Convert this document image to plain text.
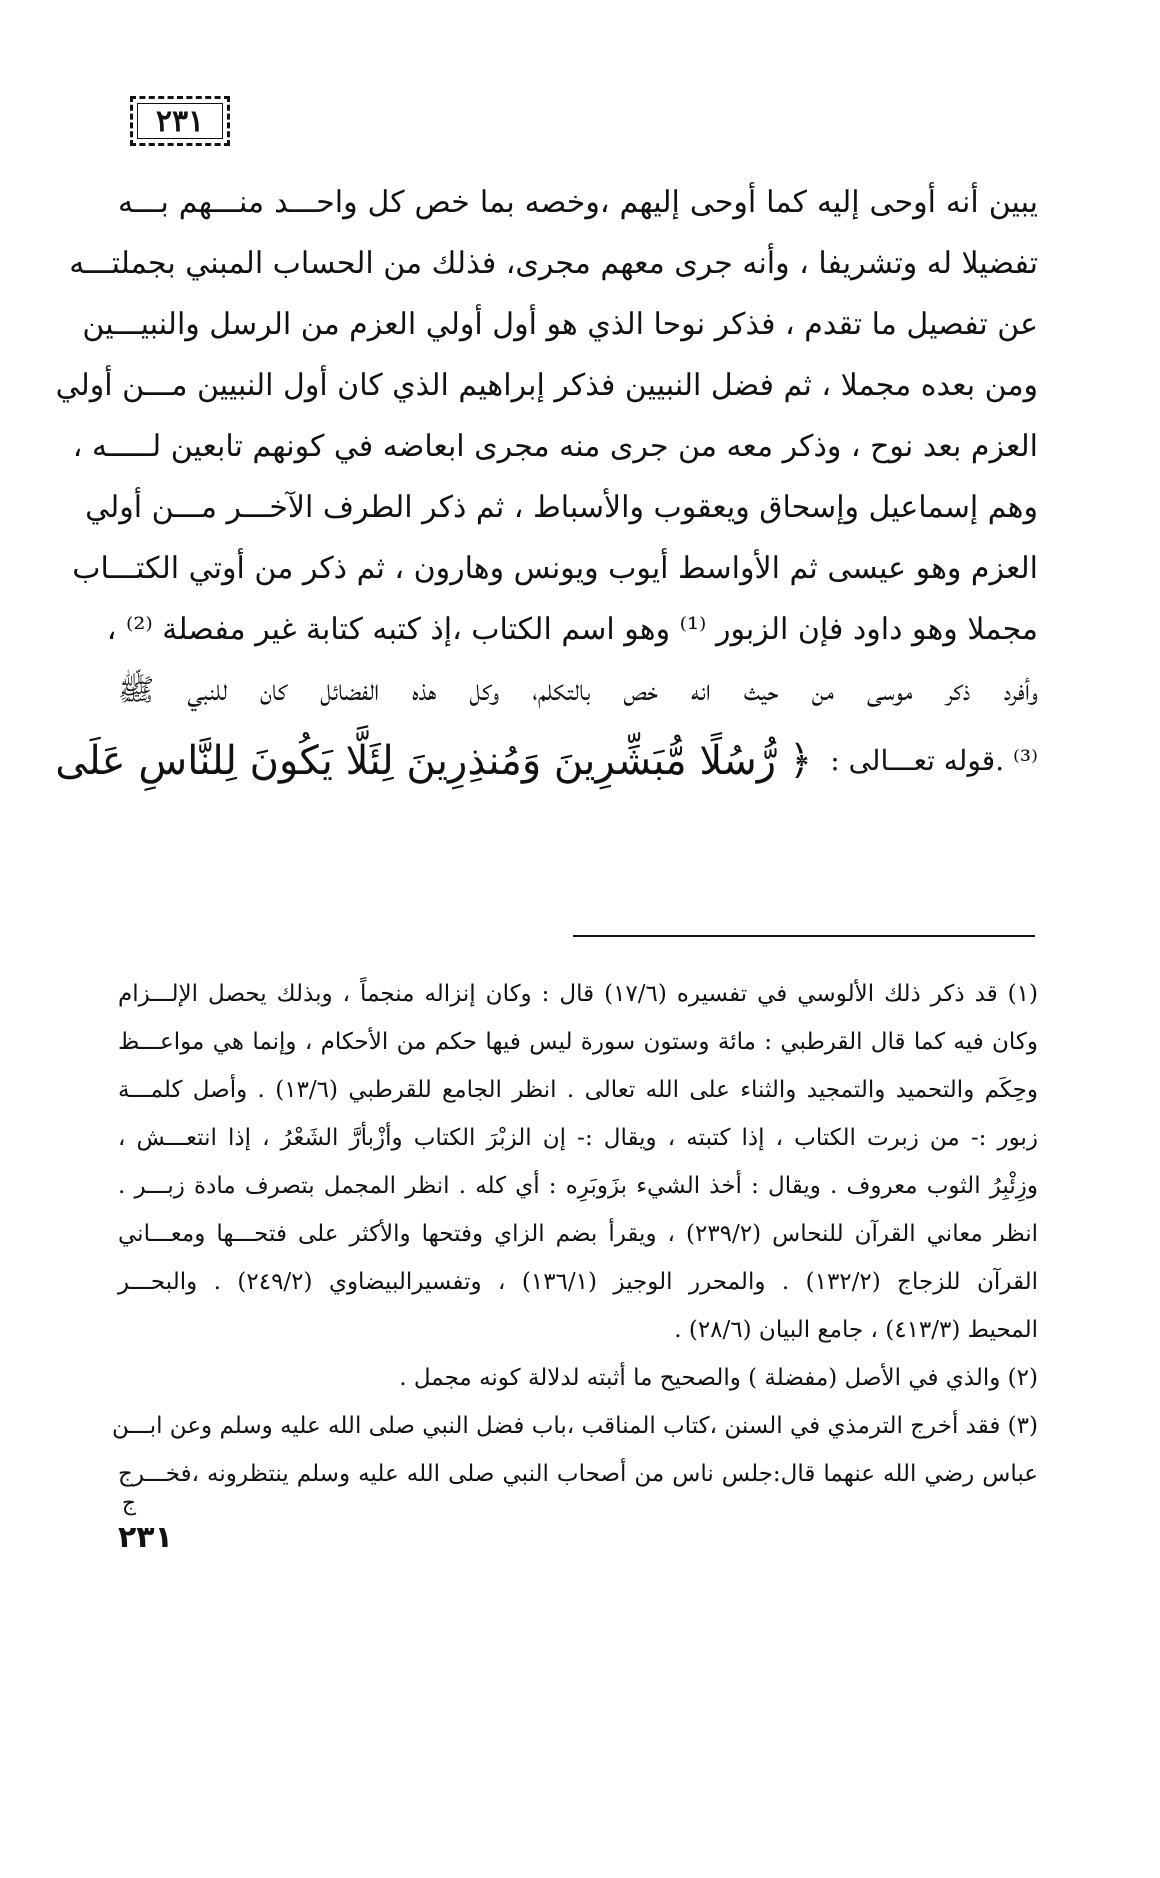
٢٣١
يبين أنه أوحى إليه كما أوحى إليهم ،وخصه بما خص كل واحـــد منـــهم بـــه
تفضيلا له وتشريفا ، وأنه جرى معهم مجرى، فذلك من الحساب المبني بجملتـــه
عن تفصيل ما تقدم ، فذكر نوحا الذي هو أول أولي العزم من الرسل والنبيـــين
ومن بعده مجملا ، ثم فضل النبيين فذكر إبراهيم الذي كان أول النبيين مـــن أولي
العزم بعد نوح ، وذكر معه من جرى منه مجرى ابعاضه في كونهم تابعين لـــــه ،
وهم إسماعيل وإسحاق ويعقوب والأسباط ، ثم ذكر الطرف الآخـــر مـــن أولي
العزم وهو عيسى ثم الأواسط أيوب ويونس وهارون ، ثم ذكر من أوتي الكتـــاب
مجملا وهو داود فإن الزبور ⁽¹⁾ وهو اسم الكتاب ،إذ كتبه كتابة غير مفصلة ⁽²⁾ ،
وأفرد ذكر موسى من حيث انه خص بالتكلم، وكل هذه الفضائل كان للنبي ﷺ
⁽³⁾ .قوله تعـــالى :
﴿ رُّسُلًا مُّبَشِّرِينَ وَمُنذِرِينَ لِئَلَّا يَكُونَ لِلنَّاسِ عَلَى
(١) قد ذكر ذلك الألوسي في تفسيره (١٧/٦) قال : وكان إنزاله منجماً ، وبذلك يحصل الإلـــزام
وكان فيه كما قال القرطبي : مائة وستون سورة ليس فيها حكم من الأحكام ، وإنما هي مواعـــظ
وحِكَم والتحميد والتمجيد والثناء على الله تعالى . انظر الجامع للقرطبي (١٣/٦) . وأصل كلمـــة
زبور :- من زبرت الكتاب ، إذا كتبته ، ويقال :- إن الزبْرَ الكتاب وأزْبأرَّ الشَعْرُ ، إذا انتعـــش ،
وزِئْبِرُ الثوب معروف . ويقال : أخذ الشيء بزَوبَرِه : أي كله . انظر المجمل بتصرف مادة زبـــر .
انظر معاني القرآن للنحاس (٢٣٩/٢) ، ويقرأ بضم الزاي وفتحها والأكثر على فتحـــها ومعـــاني
القرآن للزجاج (١٣٢/٢) . والمحرر الوجيز (١٣٦/١) ، وتفسيرالبيضاوي (٢٤٩/٢) . والبحـــر
المحيط (٤١٣/٣) ، جامع البيان (٢٨/٦) .
(٢) والذي في الأصل (مفضلة ) والصحيح ما أثبته لدلالة كونه مجمل .
(٣) فقد أخرج الترمذي في السنن ،كتاب المناقب ،باب فضل النبي صلى الله عليه وسلم وعن ابـــن
عباس رضي الله عنهما قال:جلس ناس من أصحاب النبي صلى الله عليه وسلم ينتظرونه ،فخـــرج
ج
٢٣١
